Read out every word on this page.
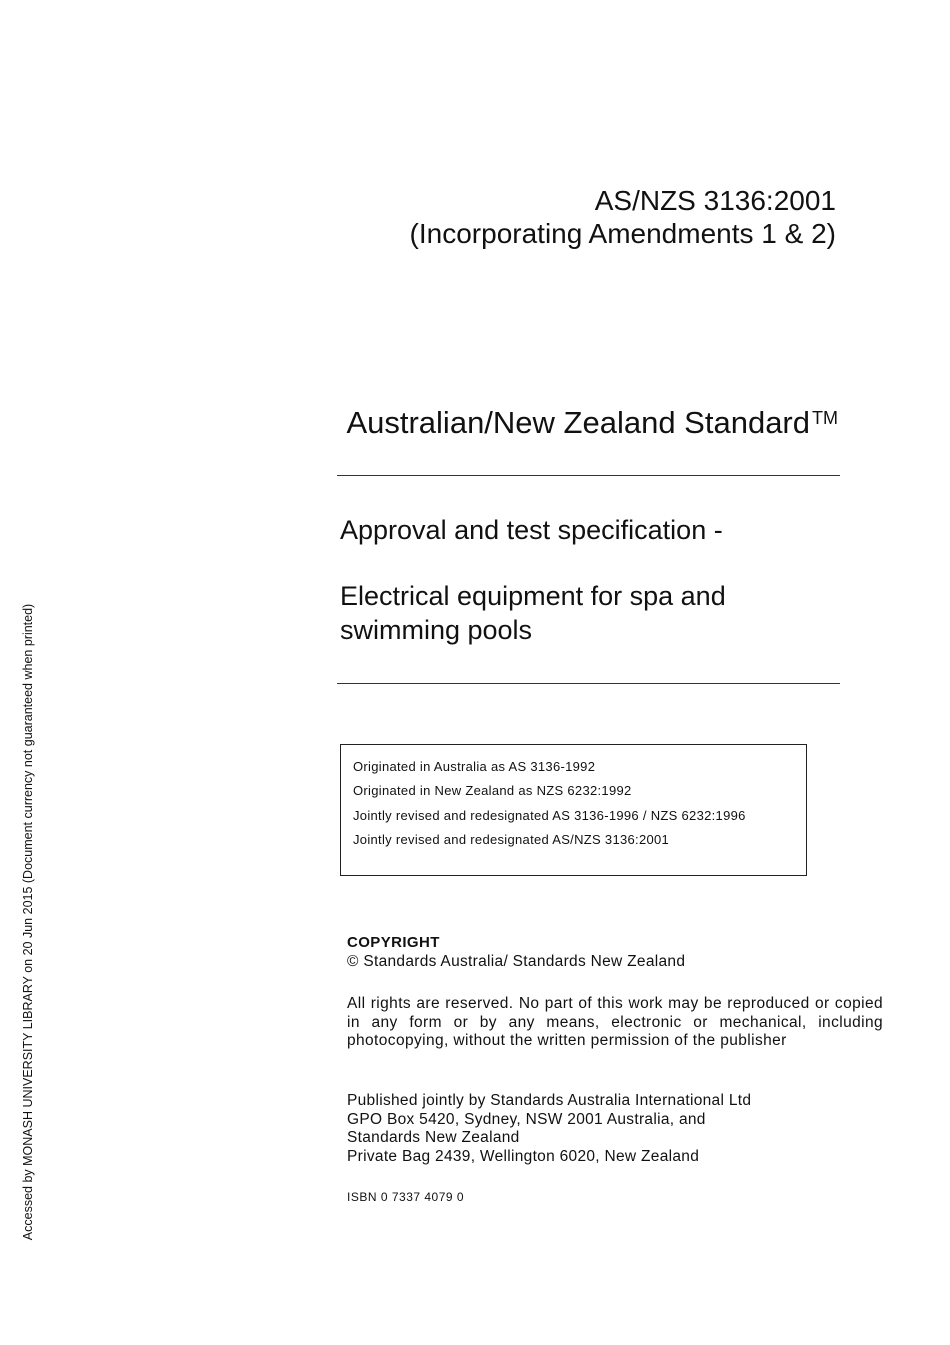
AS/NZS 3136:2001
(Incorporating Amendments 1 & 2)
Australian/New Zealand Standard ™
Approval and test specification -
Electrical equipment for spa and swimming pools
Originated in Australia as AS 3136-1992
Originated in New Zealand as NZS 6232:1992
Jointly revised and redesignated AS 3136-1996 / NZS 6232:1996
Jointly revised and redesignated AS/NZS 3136:2001
COPYRIGHT
© Standards Australia/ Standards New Zealand
All rights are reserved. No part of this work may be reproduced or copied in any form or by any means, electronic or mechanical, including photocopying, without the written permission of the publisher
Published jointly by Standards Australia International Ltd
GPO Box 5420, Sydney, NSW 2001 Australia, and
Standards New Zealand
Private Bag 2439, Wellington 6020, New Zealand
ISBN 0 7337 4079 0
Accessed by MONASH UNIVERSITY LIBRARY on 20 Jun 2015 (Document currency not guaranteed when printed)
